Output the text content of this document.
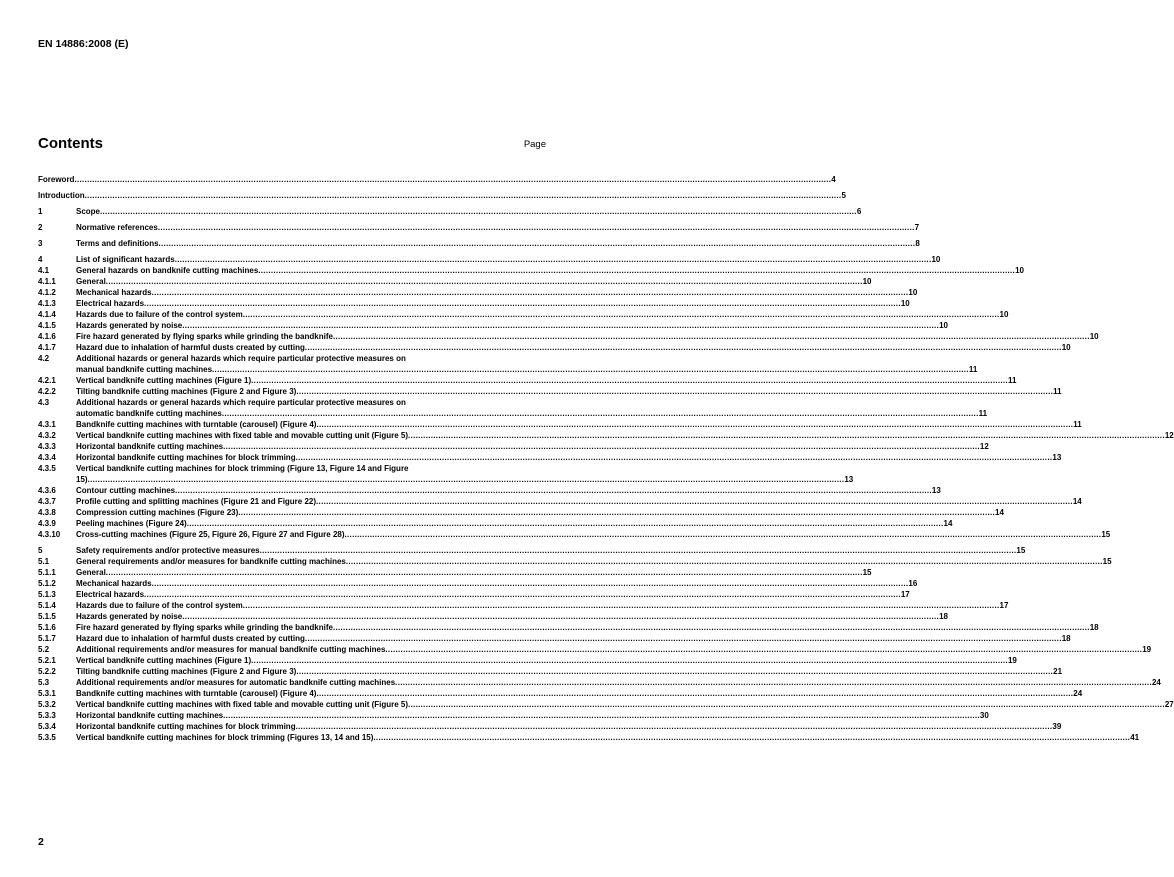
EN 14886:2008 (E)
Contents	Page
Foreword ............................................................................................................................................................................................................................................................................................................ 4
Introduction ............................................................................................................................................................................................................................................................................................................ 5
1	Scope ............................................................................................................................................................................................................................................................................................................ 6
2	Normative references ............................................................................................................................................................................................................................................................................................................ 7
3	Terms and definitions ............................................................................................................................................................................................................................................................................................................ 8
4	List of significant hazards ............................................................................................................................................................................................................................................................................................................ 10
4.1	General hazards on bandknife cutting machines ............................................................................................................................................................................................................................................................................................................ 10
4.1.1	General ............................................................................................................................................................................................................................................................................................................ 10
4.1.2	Mechanical hazards ............................................................................................................................................................................................................................................................................................................ 10
4.1.3	Electrical hazards ............................................................................................................................................................................................................................................................................................................ 10
4.1.4	Hazards due to failure of the control system ............................................................................................................................................................................................................................................................................................................ 10
4.1.5	Hazards generated by noise ............................................................................................................................................................................................................................................................................................................ 10
4.1.6	Fire hazard generated by flying sparks while grinding the bandknife ............................................................................................................................................................................................................................................................................................................ 10
4.1.7	Hazard due to inhalation of harmful dusts created by cutting ............................................................................................................................................................................................................................................................................................................ 10
4.2	Additional hazards or general hazards which require particular protective measures on
manual bandknife cutting machines ............................................................................................................................................................................................................................................................................................................ 11
4.2.1	Vertical bandknife cutting machines (Figure 1) ............................................................................................................................................................................................................................................................................................................ 11
4.2.2	Tilting bandknife cutting machines (Figure 2 and Figure 3) ............................................................................................................................................................................................................................................................................................................ 11
4.3	Additional hazards or general hazards which require particular protective measures on
automatic bandknife cutting machines ............................................................................................................................................................................................................................................................................................................ 11
4.3.1	Bandknife cutting machines with turntable (carousel) (Figure 4) ............................................................................................................................................................................................................................................................................................................ 11
4.3.2	Vertical bandknife cutting machines with fixed table and movable cutting unit (Figure 5) ............................................................................................................................................................................................................................................................................................................ 12
4.3.3	Horizontal bandknife cutting machines ............................................................................................................................................................................................................................................................................................................ 12
4.3.4	Horizontal bandknife cutting machines for block trimming ............................................................................................................................................................................................................................................................................................................ 13
4.3.5	Vertical bandknife cutting machines for block trimming (Figure 13, Figure 14 and Figure
15) ............................................................................................................................................................................................................................................................................................................ 13
4.3.6	Contour cutting machines ............................................................................................................................................................................................................................................................................................................ 13
4.3.7	Profile cutting and splitting machines (Figure 21 and Figure 22) ............................................................................................................................................................................................................................................................................................................ 14
4.3.8	Compression cutting machines (Figure 23) ............................................................................................................................................................................................................................................................................................................ 14
4.3.9	Peeling machines (Figure 24) ............................................................................................................................................................................................................................................................................................................ 14
4.3.10	Cross-cutting machines (Figure 25, Figure 26, Figure 27 and Figure 28) ............................................................................................................................................................................................................................................................................................................ 15
5	Safety requirements and/or protective measures ............................................................................................................................................................................................................................................................................................................ 15
5.1	General requirements and/or measures for bandknife cutting machines ............................................................................................................................................................................................................................................................................................................ 15
5.1.1	General ............................................................................................................................................................................................................................................................................................................ 15
5.1.2	Mechanical hazards ............................................................................................................................................................................................................................................................................................................ 16
5.1.3	Electrical hazards ............................................................................................................................................................................................................................................................................................................ 17
5.1.4	Hazards due to failure of the control system ............................................................................................................................................................................................................................................................................................................ 17
5.1.5	Hazards generated by noise ............................................................................................................................................................................................................................................................................................................ 18
5.1.6	Fire hazard generated by flying sparks while grinding the bandknife ............................................................................................................................................................................................................................................................................................................ 18
5.1.7	Hazard due to inhalation of harmful dusts created by cutting ............................................................................................................................................................................................................................................................................................................ 18
5.2	Additional requirements and/or measures for manual bandknife cutting machines ............................................................................................................................................................................................................................................................................................................ 19
5.2.1	Vertical bandknife cutting machines (Figure 1) ............................................................................................................................................................................................................................................................................................................ 19
5.2.2	Tilting bandknife cutting machines (Figure 2 and Figure 3) ............................................................................................................................................................................................................................................................................................................ 21
5.3	Additional requirements and/or measures for automatic bandknife cutting machines ............................................................................................................................................................................................................................................................................................................ 24
5.3.1	Bandknife cutting machines with turntable (carousel) (Figure 4) ............................................................................................................................................................................................................................................................................................................ 24
5.3.2	Vertical bandknife cutting machines with fixed table and movable cutting unit (Figure 5) ............................................................................................................................................................................................................................................................................................................ 27
5.3.3	Horizontal bandknife cutting machines ............................................................................................................................................................................................................................................................................................................ 30
5.3.4	Horizontal bandknife cutting machines for block trimming ............................................................................................................................................................................................................................................................................................................ 39
5.3.5	Vertical bandknife cutting machines for block trimming (Figures 13, 14 and 15) ............................................................................................................................................................................................................................................................................................................ 41
2
